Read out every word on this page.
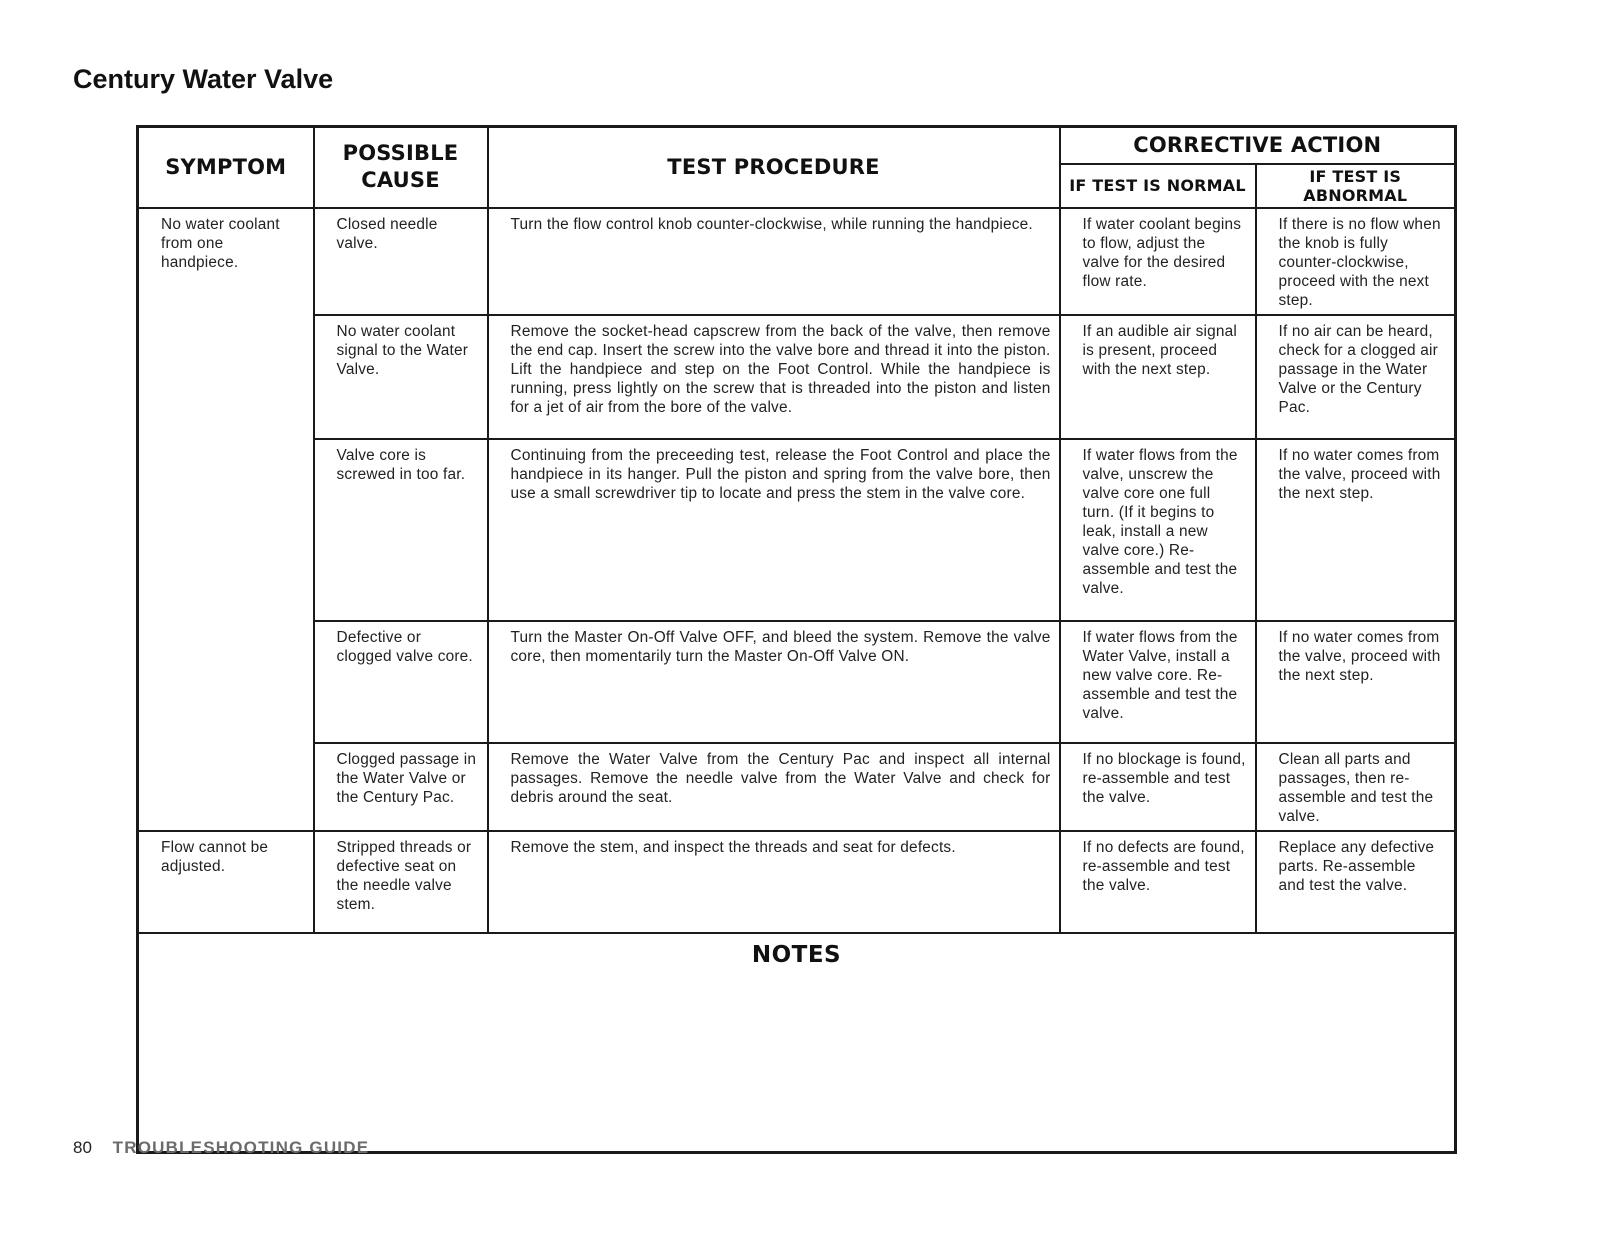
Century Water Valve
SYMPTOM	POSSIBLE CAUSE	TEST PROCEDURE	CORRECTIVE ACTION	
			IF TEST IS NORMAL	IF TEST IS ABNORMAL
No water coolant from one handpiece.	Closed needle valve.	Turn the flow control knob counter-clockwise, while running the handpiece.	If water coolant begins to flow, adjust the valve for the desired flow rate.	If there is no flow when the knob is fully counter-clockwise, proceed with the next step.
	No water coolant signal to the Water Valve.	Remove the socket-head capscrew from the back of the valve, then remove the end cap. Insert the screw into the valve bore and thread it into the piston. Lift the handpiece and step on the Foot Control. While the handpiece is running, press lightly on the screw that is threaded into the piston and listen for a jet of air from the bore of the valve.	If an audible air signal is present, proceed with the next step.	If no air can be heard, check for a clogged air passage in the Water Valve or the Century Pac.
	Valve core is screwed in too far.	Continuing from the preceeding test, release the Foot Control and place the handpiece in its hanger. Pull the piston and spring from the valve bore, then use a small screwdriver tip to locate and press the stem in the valve core.	If water flows from the valve, unscrew the valve core one full turn. (If it begins to leak, install a new valve core.) Re-assemble and test the valve.	If no water comes from the valve, proceed with the next step.
	Defective or clogged valve core.	Turn the Master On-Off Valve OFF, and bleed the system. Remove the valve core, then momentarily turn the Master On-Off Valve ON.	If water flows from the Water Valve, install a new valve core. Re-assemble and test the valve.	If no water comes from the valve, proceed with the next step.
	Clogged passage in the Water Valve or the Century Pac.	Remove the Water Valve from the Century Pac and inspect all internal passages. Remove the needle valve from the Water Valve and check for debris around the seat.	If no blockage is found, re-assemble and test the valve.	Clean all parts and passages, then re-assemble and test the valve.
Flow cannot be adjusted.	Stripped threads or defective seat on the needle valve stem.	Remove the stem, and inspect the threads and seat for defects.	If no defects are found, re-assemble and test the valve.	Replace any defective parts. Re-assemble and test the valve.
NOTES				
80 TROUBLESHOOTING GUIDE
